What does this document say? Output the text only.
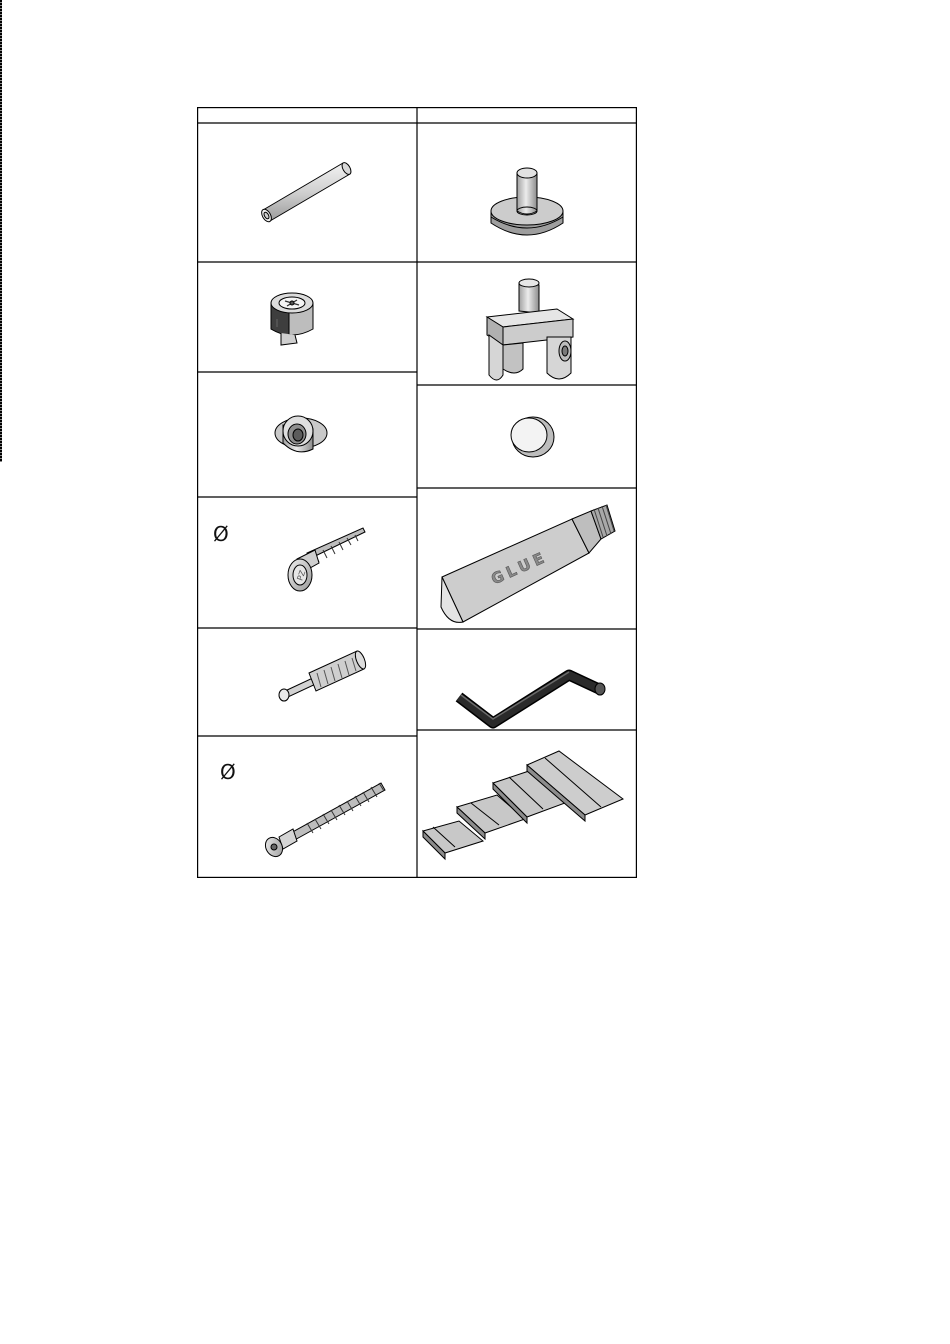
Ø
PZ
Ø
GLUE
